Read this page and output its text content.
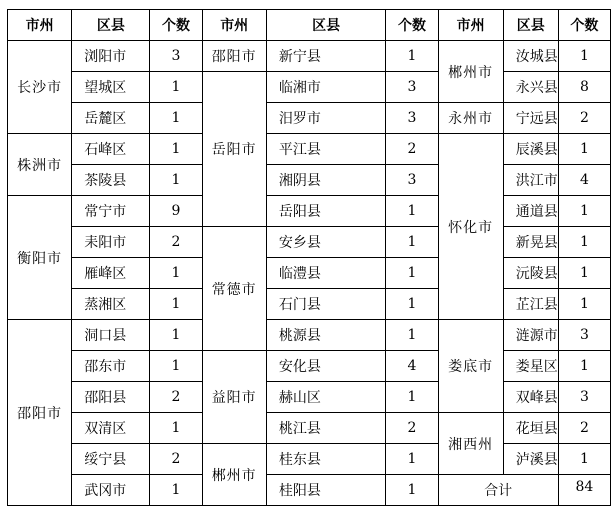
市州	区县	个数	市州	区县	个数	市州	区县	个数
长沙市	浏阳市	3	邵阳市	新宁县	1	郴州市	汝城县	1
	望城区	1	岳阳市	临湘市	3		永兴县	8
	岳麓区	1		汨罗市	3	永州市	宁远县	2
株洲市	石峰区	1		平江县	2	怀化市	辰溪县	1
	茶陵县	1		湘阴县	3		洪江市	4
衡阳市	常宁市	9		岳阳县	1		通道县	1
	耒阳市	2	常德市	安乡县	1		新晃县	1
	雁峰区	1		临澧县	1		沅陵县	1
	蒸湘区	1		石门县	1		芷江县	1
邵阳市	洞口县	1		桃源县	1	娄底市	涟源市	3
	邵东市	1	益阳市	安化县	4		娄星区	1
	邵阳县	2		赫山区	1		双峰县	3
	双清区	1		桃江县	2	湘西州	花垣县	2
	绥宁县	2	郴州市	桂东县	1		泸溪县	1
	武冈市	1		桂阳县	1	合计		84
